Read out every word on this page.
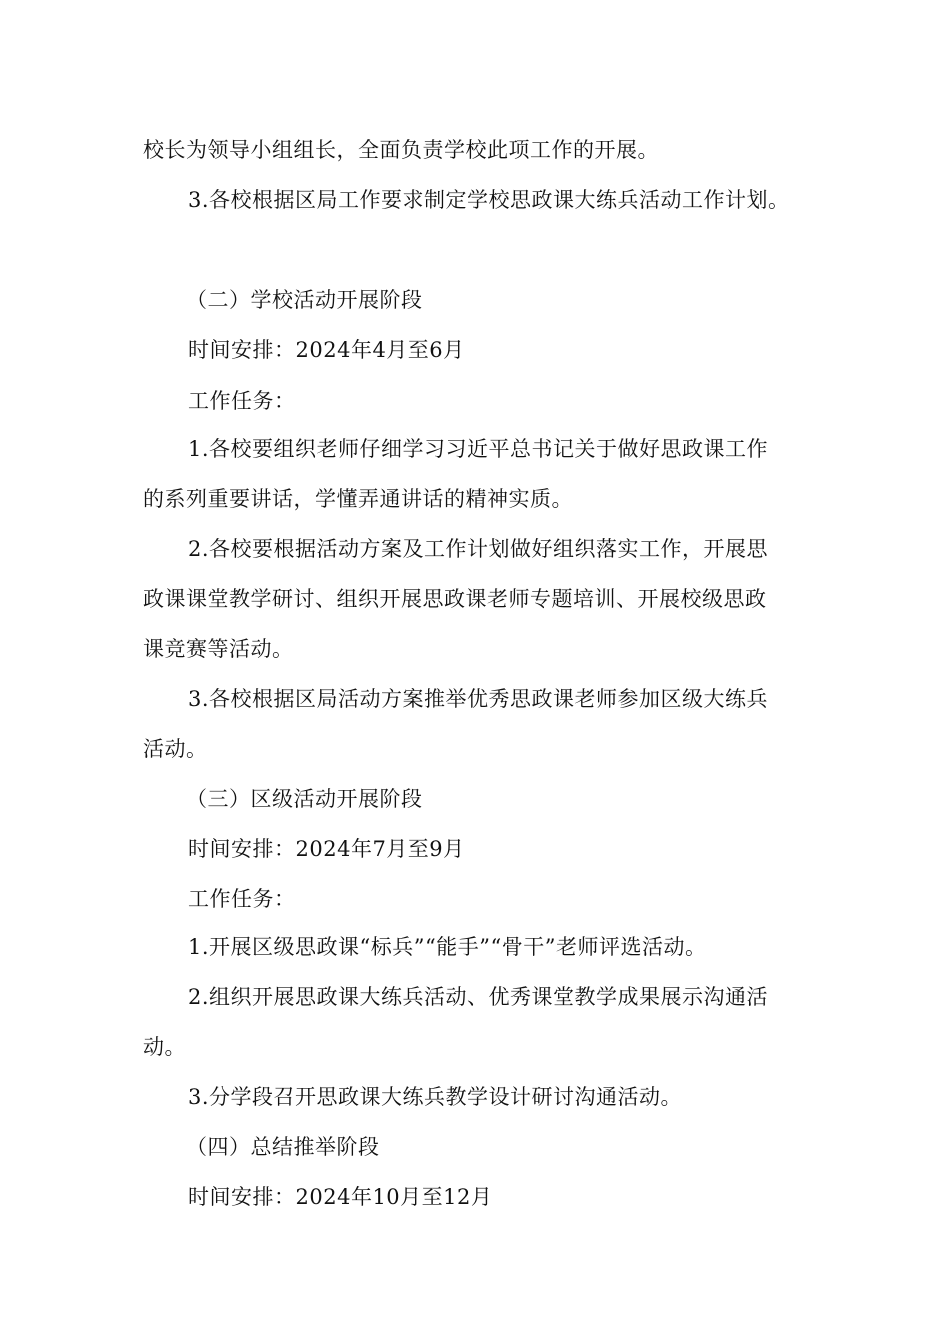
校长为领导小组组长，全面负责学校此项工作的开展。
3.各校根据区局工作要求制定学校思政课大练兵活动工作计划。
（二）学校活动开展阶段
时间安排：2024年4月至6月
工作任务：
1.各校要组织老师仔细学习习近平总书记关于做好思政课工作
的系列重要讲话，学懂弄通讲话的精神实质。
2.各校要根据活动方案及工作计划做好组织落实工作，开展思
政课课堂教学研讨、组织开展思政课老师专题培训、开展校级思政
课竞赛等活动。
3.各校根据区局活动方案推举优秀思政课老师参加区级大练兵
活动。
（三）区级活动开展阶段
时间安排：2024年7月至9月
工作任务：
1.开展区级思政课“标兵”“能手”“骨干”老师评选活动。
2.组织开展思政课大练兵活动、优秀课堂教学成果展示沟通活
动。
3.分学段召开思政课大练兵教学设计研讨沟通活动。
（四）总结推举阶段
时间安排：2024年10月至12月
